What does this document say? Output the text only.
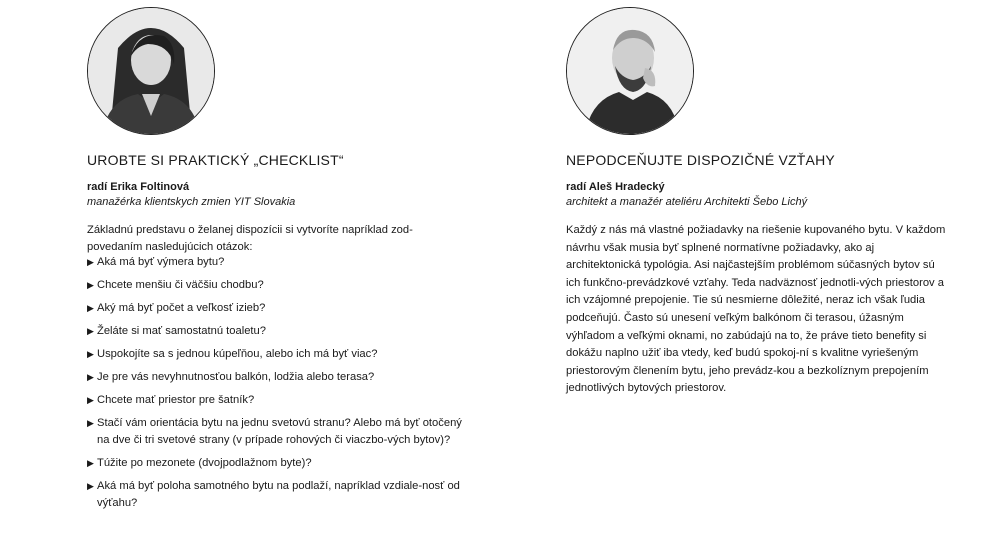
UROBTE SI PRAKTICKÝ „CHECKLIST“
radí Erika Foltinová
manažérka klientskych zmien YIT Slovakia

Základnú predstavu o želanej dispozícii si vytvoríte napríklad zod-povedaním nasledujúcich otázok:

▶ Aká má byť výmera bytu?
▶ Chcete menšiu či väčšiu chodbu?
▶ Aký má byť počet a veľkosť izieb?
▶ Želáte si mať samostatnú toaletu?
▶ Uspokojíte sa s jednou kúpeľňou, alebo ich má byť viac?
▶ Je pre vás nevyhnutnosťou balkón, lodžia alebo terasa?
▶ Chcete mať priestor pre šatník?
▶ Stačí vám orientácia bytu na jednu svetovú stranu? Alebo má byť otočený na dve či tri svetové strany (v prípade rohových či viaczbo-vých bytov)?
▶ Túžite po mezonete (dvojpodlažnom byte)?
▶ Aká má byť poloha samotného bytu na podlaží, napríklad vzdiale-nosť od výťahu?
NEPODCEŇUJTE DISPOZIČNÉ VZŤAHY
radí Aleš Hradecký
architekt a manažér ateliéru Architekti Šebo Lichý

Každý z nás má vlastné požiadavky na riešenie kupovaného bytu. V každom návrhu však musia byť splnené normatívne požiadavky, ako aj architektonická typológia. Asi najčastejším problémom súčasných bytov sú ich funkčno-prevádzkové vzťahy. Teda nadväznosť jednotli-vých priestorov a ich vzájomné prepojenie. Tie sú nesmierne dôležité, neraz ich však ľudia podceňujú. Často sú unesení veľkým balkónom či terasou, úžasným výhľadom a veľkými oknami, no zabúdajú na to, že práve tieto benefity si dokážu naplno užiť iba vtedy, keď budú spokoj-ní s kvalitne vyriešeným priestorovým členením bytu, jeho prevádz-kou a bezkolíznym prepojením jednotlivých bytových priestorov.
